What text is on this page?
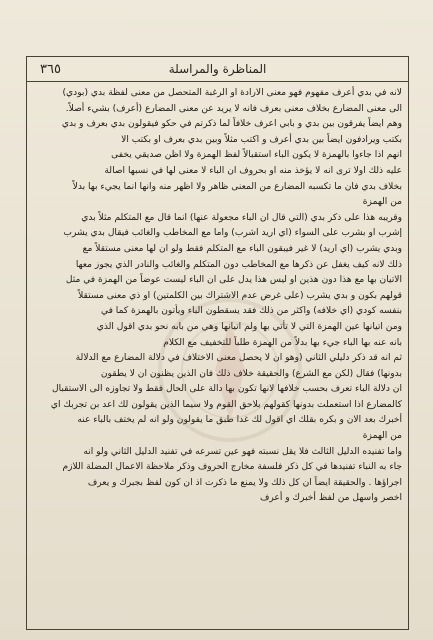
٣٦٥	المناظرة والمراسلة
لانه في بدي أعرف مفهوم فهو معنى الارادة او الرغبة المتحصل من معنى لفظة بدي (بودي)
الى معنى المضارع بخلاف معنى بعرف فانه لا يريد عن معنى المضارع (أعرف) بشيء أصلاً.
وهم ايضاً يفرقون بين بدي و بابي اعرف خلافاً لما ذكرتم في حكو فيقولون بدي بعرف و بدي
بكتب ويرادفون ايضاً بين بدي أعرف و اكتب مثلاً وبين بدي بعرف او بكتب الا
انهم اذا جاءوا بالهمزة لا يكون الباء استقبالاً لفظ الهمزة ولا اظن صديقي يخفى
عليه ذلك اولا ترى انه لا يؤخذ منه او بحروف ان الباء لا معنى لها في نسبها اصالة
بخلاف بدي فان ما تكسبه المضارع من المعنى ظاهر ولا اظهر منه وانها انما يجيء بها بدلاً
من الهمزة
وقريبه هذا على ذكر بدي (التي قال ان الباء مجعولة عنها) انما قال مع المتكلم مثلاً بدي
إشرب او بشرب على السواء (اي اريد اشرب) واما مع المخاطب والغائب فيقال بدي يشرب
وبدي يشرب (اي اريد) لا غير فيبقون الباء مع المتكلم فقط ولو ان لها معنى مستقلاً مع
ذلك لانه كيف يغفل عن ذكرها مع المخاطب دون المتكلم والغائب والنادر الذي يجوز معها
الاتيان بها مع هذا دون هذين او ليس هذا يدل على ان الباء ليست عوضاً من الهمزة في مثل
قولهم بكون و بدي يشرب (على غرض عدم الاشتراك بين الكلمتين) او ذي معنى مستقلاً
بنفسه كودي (اي خلافه) واكثر من ذلك فقد يسقطون الباء ويأتون بالهمزة كما في
ومن اتيانها عين الهمزة التي لا تأتي بها ولم اتيانها وهي من بابه نحو بدي اقول الذي
بانه عنه بها الباء جيء بها بدلاً من الهمزة طلباً للتخفيف مع الكلام
ثم انه قد ذكر دليلي الثاني (وهو ان لا يحصل معنى الاختلاف في دلالة المضارع مع الدلالة
بدونها) فقال (لكن مع الشرع) والحقيقة خلاف ذلك فان الذين يظنون ان لا يطقون
ان دلالة الباء تعرف بحسب خلافها لانها تكون بها دالة على الحال فقط ولا تجاوزه الى الاستقبال
كالمضارع اذا استعملت بدونها كقولهم بلاحق القوم ولا سيما الذين يقولون لك اعد بن تجربك اي
أخبرك بعد الان و بكره بقلك اي اقول لك غدا طبق ما يقولون ولو انه لم يختف بالباء عنه
من الهمزة
واما تفنيده الدليل الثالث فلا يقل نسبته فهو عين تسرعه في تفنيد الدليل الثاني ولو انه
جاء به النباء تفنيدها في كل ذكر فلسفة مخارج الحروف وذكر ملاحظة الاعمال المضلة اللازم
اجراؤها . والحقيقة ايضاً ان كل ذلك ولا يمنع ما ذكرت اذ ان كون لفظ بجبرك و يعرف
اخصر واسهل من لفظ أخبرك و أعرف
